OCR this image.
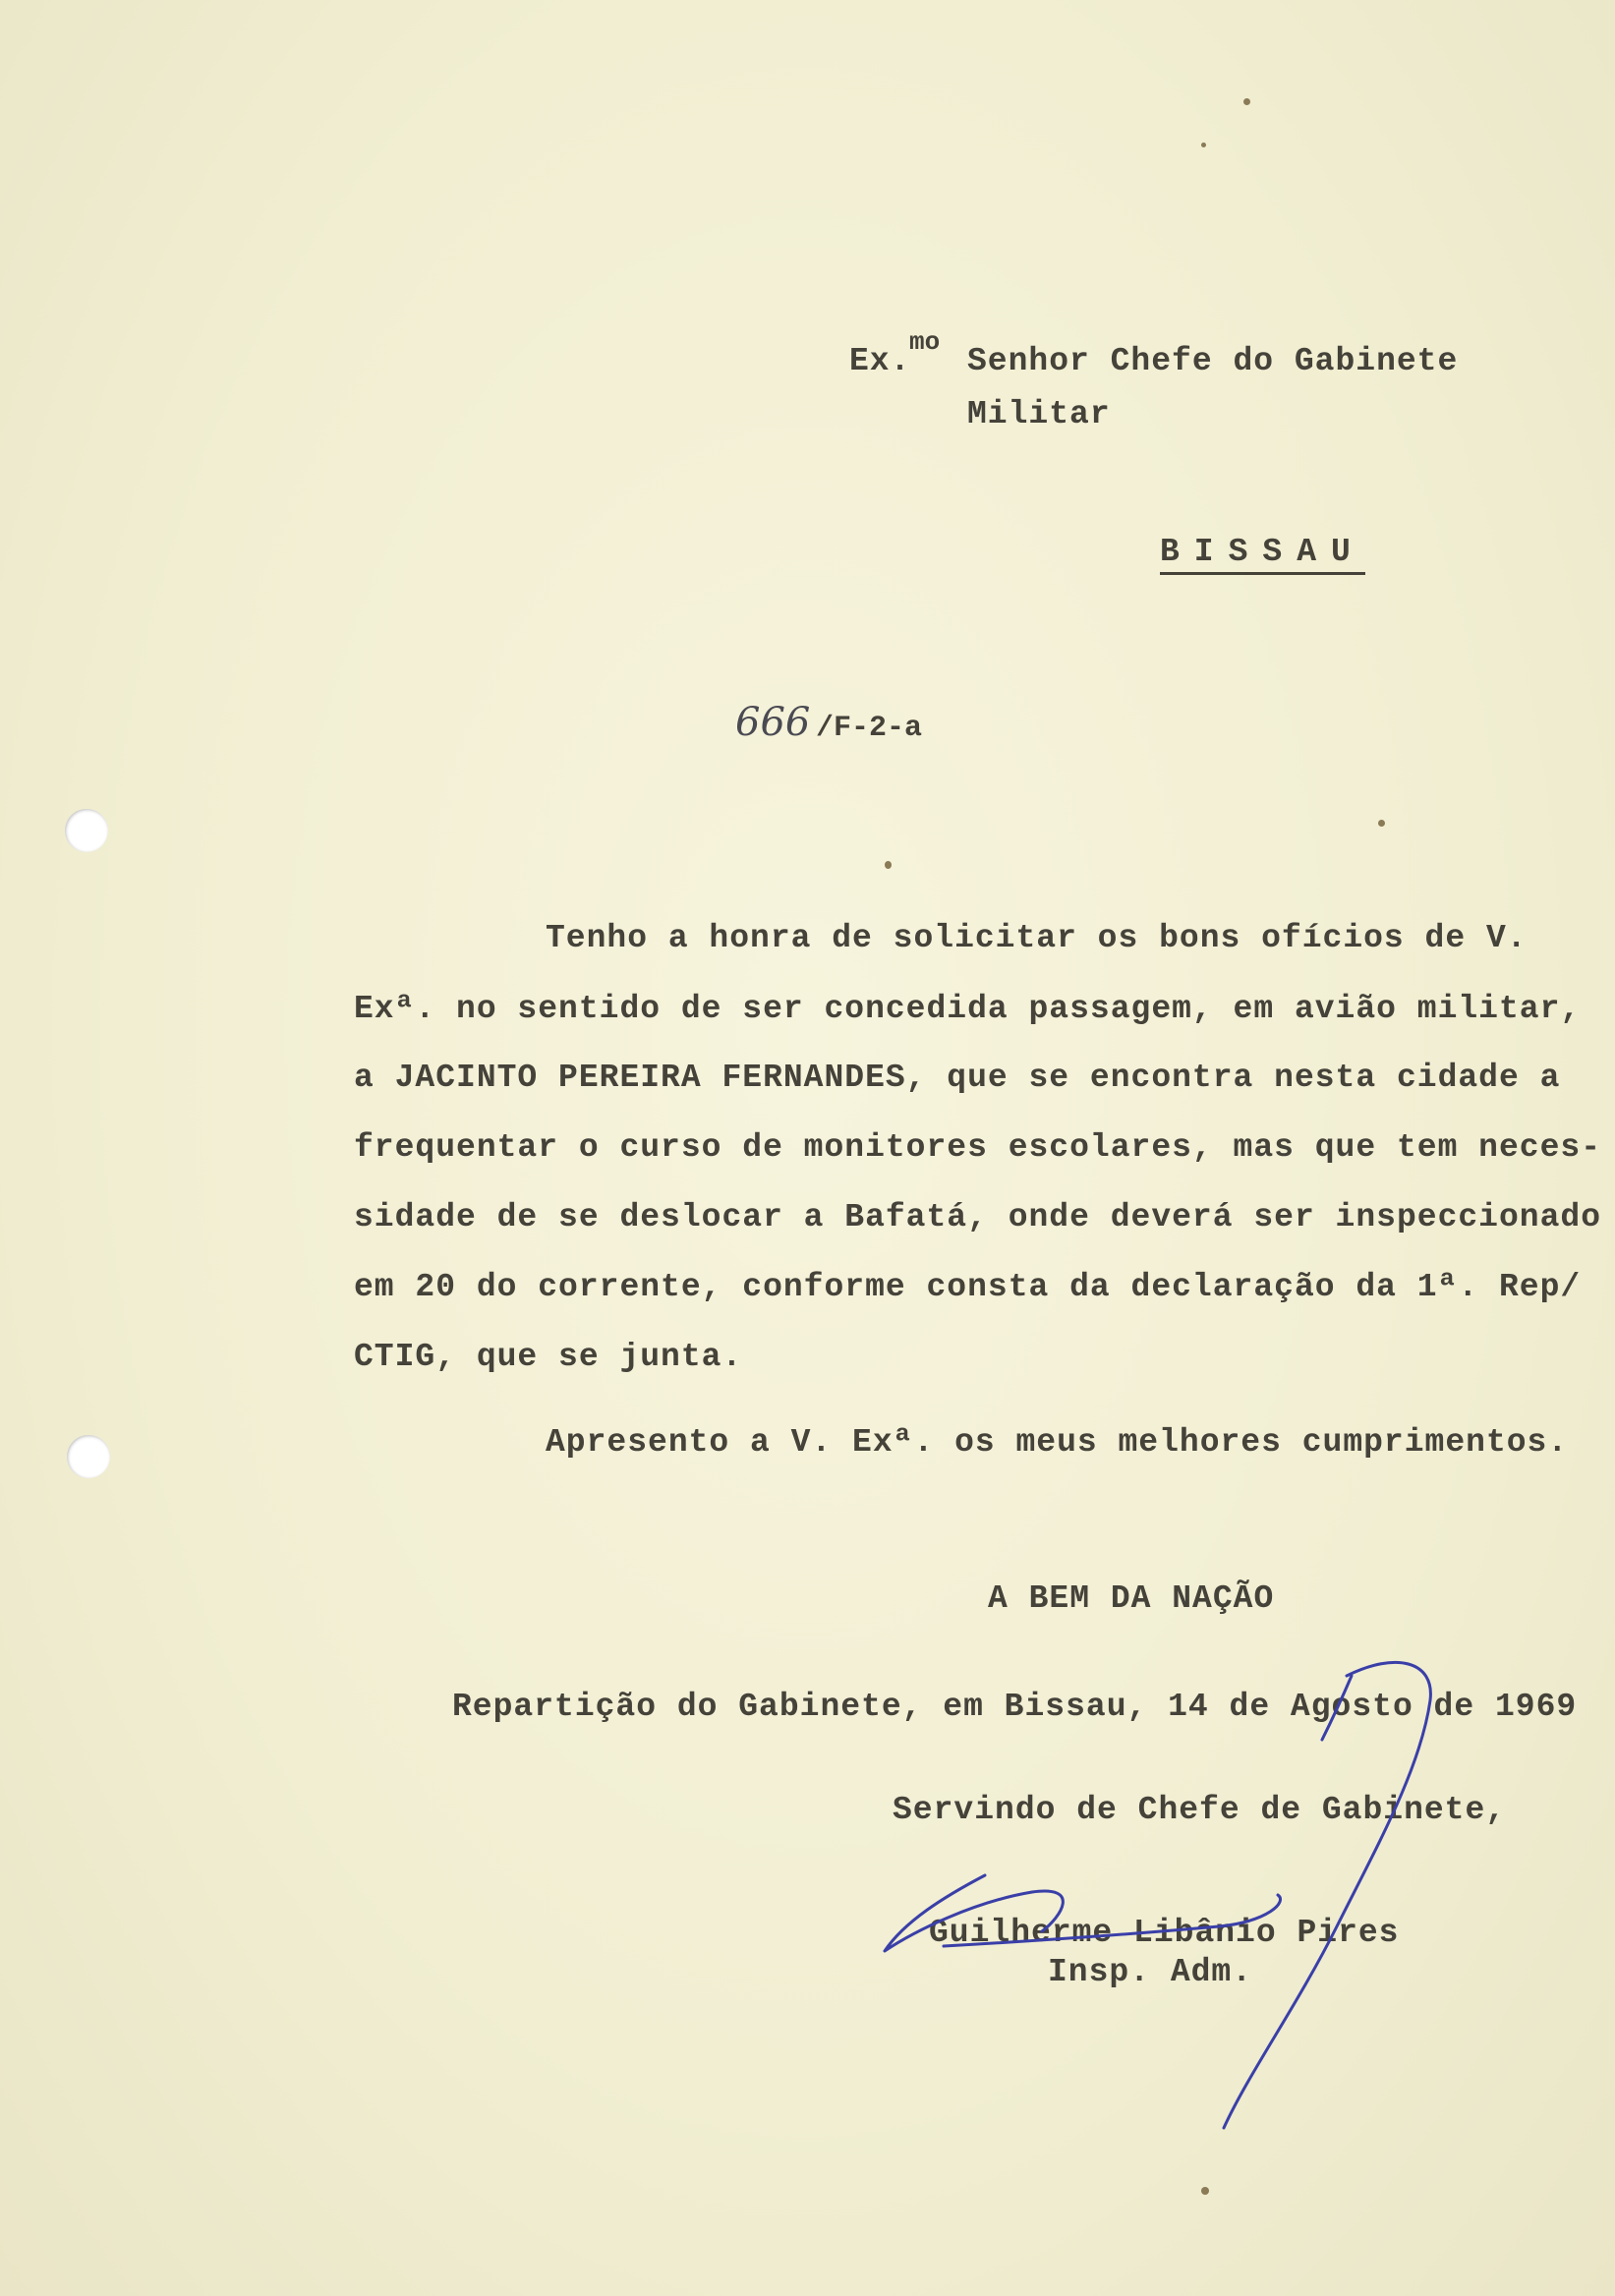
Ex.
mo
Senhor Chefe do Gabinete
Militar
BISSAU
666 /F-2-a
Tenho a honra de solicitar os bons ofícios de V.
Exª. no sentido de ser concedida passagem, em avião militar,
a JACINTO PEREIRA FERNANDES, que se encontra nesta cidade a
frequentar o curso de monitores escolares, mas que tem neces-
sidade de se deslocar a Bafatá, onde deverá ser inspeccionado
em 20 do corrente, conforme consta da declaração da 1ª. Rep/
CTIG, que se junta.
Apresento a V. Exª. os meus melhores cumprimentos.
A BEM DA NAÇÃO
Repartição do Gabinete, em Bissau, 14 de Agosto de 1969
Servindo de Chefe de Gabinete,
Guilherme Libânio Pires
Insp. Adm.
